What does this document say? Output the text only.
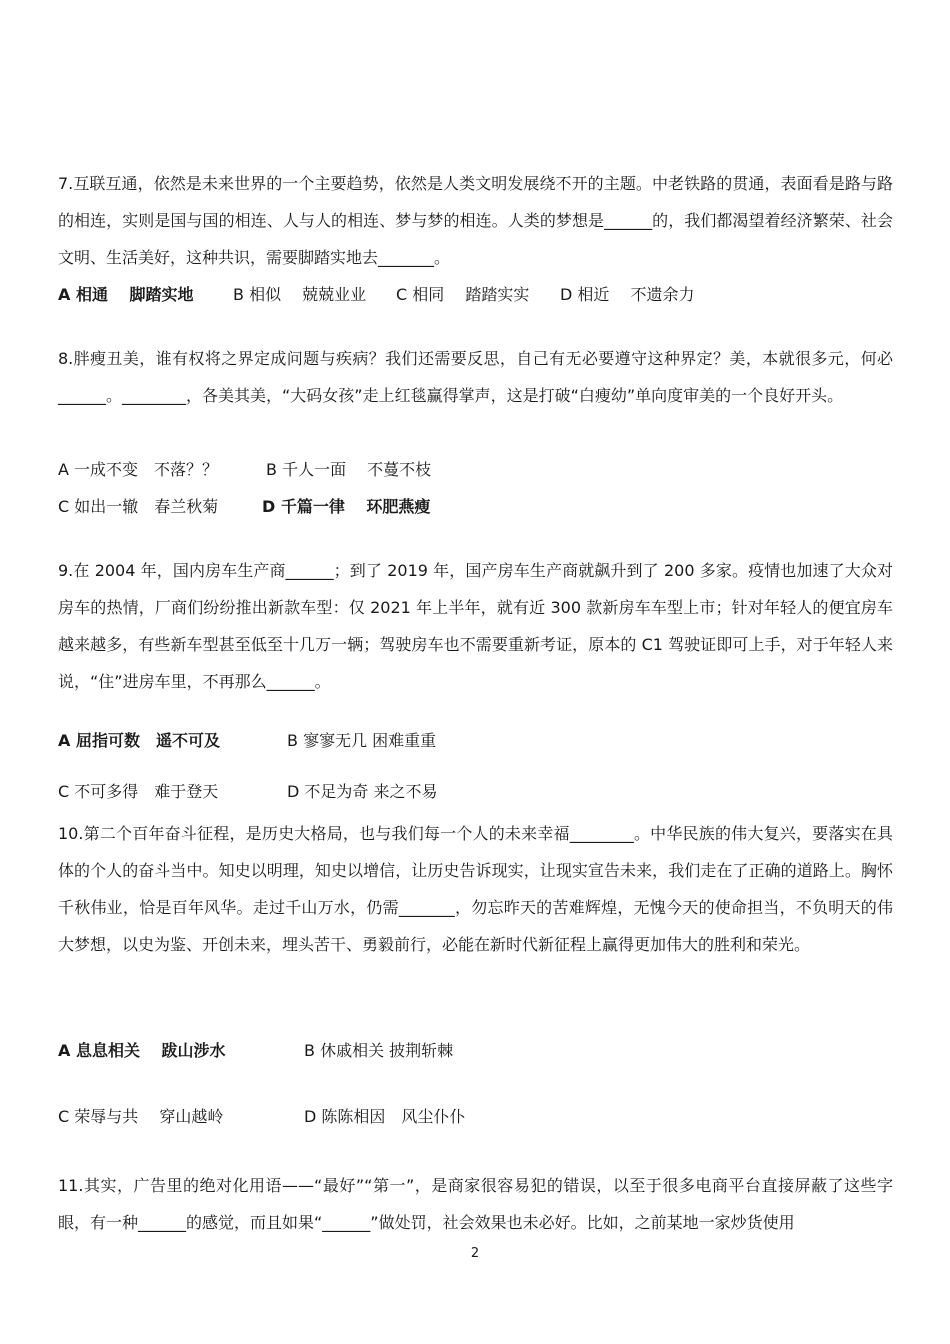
7.互联互通，依然是未来世界的一个主要趋势，依然是人类文明发展绕不开的主题。中老铁路的贯通，表面看是路与路的相连，实则是国与国的相连、人与人的相连、梦与梦的相连。人类的梦想是______的，我们都渴望着经济繁荣、社会文明、生活美好，这种共识，需要脚踏实地去_______。
A 相通　 脚踏实地 B 相似　 兢兢业业 C 相同　 踏踏实实 D 相近　 不遗余力
8.胖瘦丑美，谁有权将之界定成问题与疾病？我们还需要反思，自己有无必要遵守这种界定？美，本就很多元，何必______。________，各美其美，“大码女孩”走上红毯赢得掌声，这是打破“白瘦幼”单向度审美的一个良好开头。
A 一成不变　不落？？	B 千人一面　 不蔓不枝
C 如出一辙　春兰秋菊	D 千篇一律　 环肥燕瘦
9.在 2004 年，国内房车生产商______；到了 2019 年，国产房车生产商就飙升到了 200 多家。疫情也加速了大众对房车的热情，厂商们纷纷推出新款车型：仅 2021 年上半年，就有近 300 款新房车车型上市；针对年轻人的便宜房车越来越多，有些新车型甚至低至十几万一辆；驾驶房车也不需要重新考证，原本的 C1 驾驶证即可上手，对于年轻人来说，“住”进房车里，不再那么______。
A 屈指可数　遥不可及	B 寥寥无几 困难重重
C 不可多得　难于登天	D 不足为奇 来之不易
10.第二个百年奋斗征程，是历史大格局，也与我们每一个人的未来幸福________。中华民族的伟大复兴，要落实在具体的个人的奋斗当中。知史以明理，知史以增信，让历史告诉现实，让现实宣告未来，我们走在了正确的道路上。胸怀千秋伟业，恰是百年风华。走过千山万水，仍需_______，勿忘昨天的苦难辉煌，无愧今天的使命担当，不负明天的伟大梦想，以史为鉴、开创未来，埋头苦干、勇毅前行，必能在新时代新征程上赢得更加伟大的胜利和荣光。
A 息息相关　 跋山涉水	B 休戚相关 披荆斩棘
C 荣辱与共　 穿山越岭	D 陈陈相因　风尘仆仆
11.其实，广告里的绝对化用语——“最好”“第一”，是商家很容易犯的错误，以至于很多电商平台直接屏蔽了这些字眼，有一种______的感觉，而且如果“______”做处罚，社会效果也未必好。比如，之前某地一家炒货使用
2
